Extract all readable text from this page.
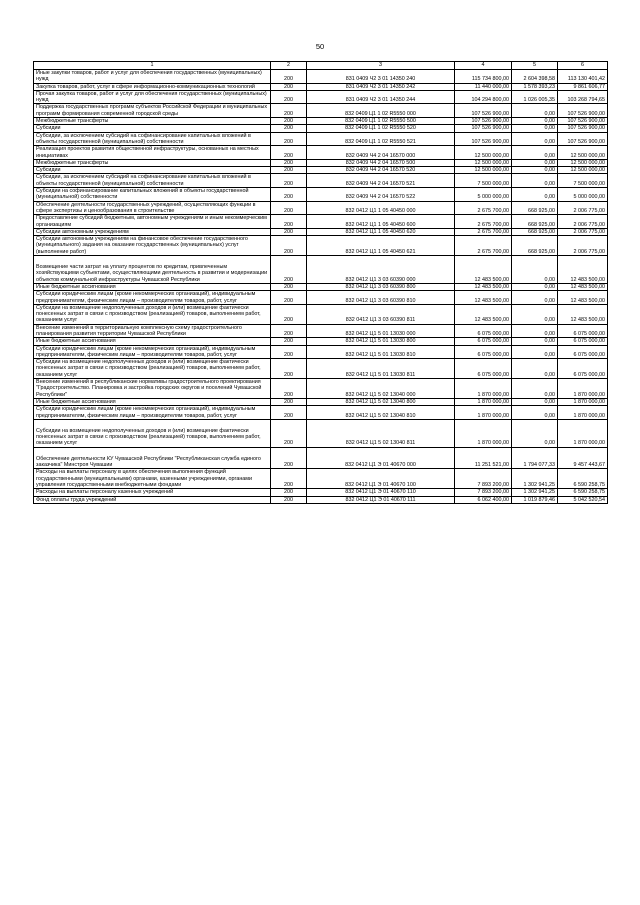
50
1	2	3	4	5	6
Иные закупки товаров, работ и услуг для обеспечения государственных (муниципальных) нужд	200	831 0409 Ч2 3 01 14350 240	115 734 800,00	2 604 398,58	113 130 401,42
Закупка товаров, работ, услуг в сфере информационно-коммуникационных технологий	200	831 0409 Ч2 3 01 14350 242	11 440 000,00	1 578 393,23	9 861 606,77
Прочая закупка товаров, работ и услуг для обеспечения государственных (муниципальных) нужд	200	831 0409 Ч2 3 01 14350 244	104 294 800,00	1 026 005,35	103 268 794,65
Поддержка государственных программ субъектов Российской Федерации и муниципальных программ формирования современной городской среды	200	832 0409 Ц1 1 02 R5550 000	107 526 900,00	0,00	107 526 900,00
Межбюджетные трансферты	200	832 0409 Ц1 1 02 R5550 500	107 526 900,00	0,00	107 526 900,00
Субсидии	200	832 0409 Ц1 1 02 R5550 520	107 526 900,00	0,00	107 526 900,00
Субсидии, за исключением субсидий на софинансирование капитальных вложений в объекты государственной (муниципальной) собственности	200	832 0409 Ц1 1 02 R5550 521	107 526 900,00	0,00	107 526 900,00
Реализация проектов развития общественной инфраструктуры, основанных на местных инициативах	200	832 0409 Ч4 2 04 16570 000	12 500 000,00	0,00	12 500 000,00
Межбюджетные трансферты	200	832 0409 Ч4 2 04 16570 500	12 500 000,00	0,00	12 500 000,00
Субсидии	200	832 0409 Ч4 2 04 16570 520	12 500 000,00	0,00	12 500 000,00
Субсидии, за исключением субсидий на софинансирование капитальных вложений в объекты государственной (муниципальной) собственности	200	832 0409 Ч4 2 04 16570 521	7 500 000,00	0,00	7 500 000,00
Субсидии на софинансирование капитальных вложений в объекты государственной (муниципальной) собственности	200	832 0409 Ч4 2 04 16570 522	5 000 000,00	0,00	5 000 000,00
Обеспечение деятельности государственных учреждений, осуществляющих функции в сфере экспертизы и ценообразования в строительстве	200	832 0412 Ц1 1 05 40450 000	2 675 700,00	668 925,00	2 006 775,00
Предоставление субсидий бюджетным, автономным учреждениям и иным некоммерческим организациям	200	832 0412 Ц1 1 05 40450 600	2 675 700,00	668 925,00	2 006 775,00
Субсидии автономным учреждениям	200	832 0412 Ц1 1 05 40450 620	2 675 700,00	668 925,00	2 006 775,00
Субсидии автономным учреждениям на финансовое обеспечение государственного (муниципального) задания на оказание государственных (муниципальных) услуг (выполнение работ)	200	832 0412 Ц1 1 05 40450 621	2 675 700,00	668 925,00	2 006 775,00
Возмещение части затрат на уплату процентов по кредитам, привлеченным хозяйствующими субъектами, осуществляющими деятельность в развитии и модернизации объектов коммунальной инфраструктуры Чувашской Республики	200	832 0412 Ц1 3 03 60390 000	12 483 500,00	0,00	12 483 500,00
Иные бюджетные ассигнования	200	832 0412 Ц1 3 03 60390 800	12 483 500,00	0,00	12 483 500,00
Субсидии юридическим лицам (кроме некоммерческих организаций), индивидуальным предпринимателям, физическим лицам – производителям товаров, работ, услуг	200	832 0412 Ц1 3 03 60390 810	12 483 500,00	0,00	12 483 500,00
Субсидии на возмещение недополученных доходов и (или) возмещение фактически понесенных затрат в связи с производством (реализацией) товаров, выполнением работ, оказанием услуг	200	832 0412 Ц1 3 03 60390 811	12 483 500,00	0,00	12 483 500,00
Внесение изменений в территориальную комплексную схему градостроительного планирования развития территории Чувашской Республики	200	832 0412 Ц1 5 01 13030 000	6 075 000,00	0,00	6 075 000,00
Иные бюджетные ассигнования	200	832 0412 Ц1 5 01 13030 800	6 075 000,00	0,00	6 075 000,00
Субсидии юридическим лицам (кроме некоммерческих организаций), индивидуальным предпринимателям, физическим лицам – производителям товаров, работ, услуг	200	832 0412 Ц1 5 01 13030 810	6 075 000,00	0,00	6 075 000,00
Субсидии на возмещение недополученных доходов и (или) возмещение фактически понесенных затрат в связи с производством (реализацией) товаров, выполнением работ, оказанием услуг	200	832 0412 Ц1 5 01 13030 811	6 075 000,00	0,00	6 075 000,00
Внесение изменений в республиканские нормативы градостроительного проектирования "Градостроительство. Планировка и застройка городских округов и поселений Чувашской Республики"	200	832 0412 Ц1 5 02 13040 000	1 870 000,00	0,00	1 870 000,00
Иные бюджетные ассигнования	200	832 0412 Ц1 5 02 13040 800	1 870 000,00	0,00	1 870 000,00
Субсидии юридическим лицам (кроме некоммерческих организаций), индивидуальным предпринимателям, физическим лицам – производителям товаров, работ, услуг	200	832 0412 Ц1 5 02 13040 810	1 870 000,00	0,00	1 870 000,00
Субсидии на возмещение недополученных доходов и (или) возмещение фактически понесенных затрат в связи с производством (реализацией) товаров, выполнением работ, оказанием услуг	200	832 0412 Ц1 5 02 13040 811	1 870 000,00	0,00	1 870 000,00
Обеспечение деятельности КУ Чувашской Республики "Республиканская служба единого заказчика" Минстроя Чувашии	200	832 0412 Ц1 Э 01 40670 000	11 251 521,00	1 794 077,33	9 457 443,67
Расходы на выплаты персоналу в целях обеспечения выполнения функций государственными (муниципальными) органами, казенными учреждениями, органами управления государственными внебюджетными фондами	200	832 0412 Ц1 Э 01 40670 100	7 893 200,00	1 302 941,25	6 590 258,75
Расходы на выплаты персоналу казенных учреждений	200	832 0412 Ц1 Э 01 40670 110	7 893 200,00	1 302 941,25	6 590 258,75
Фонд оплаты труда учреждений	200	832 0412 Ц1 Э 01 40670 111	6 062 400,00	1 019 879,46	5 042 520,54
